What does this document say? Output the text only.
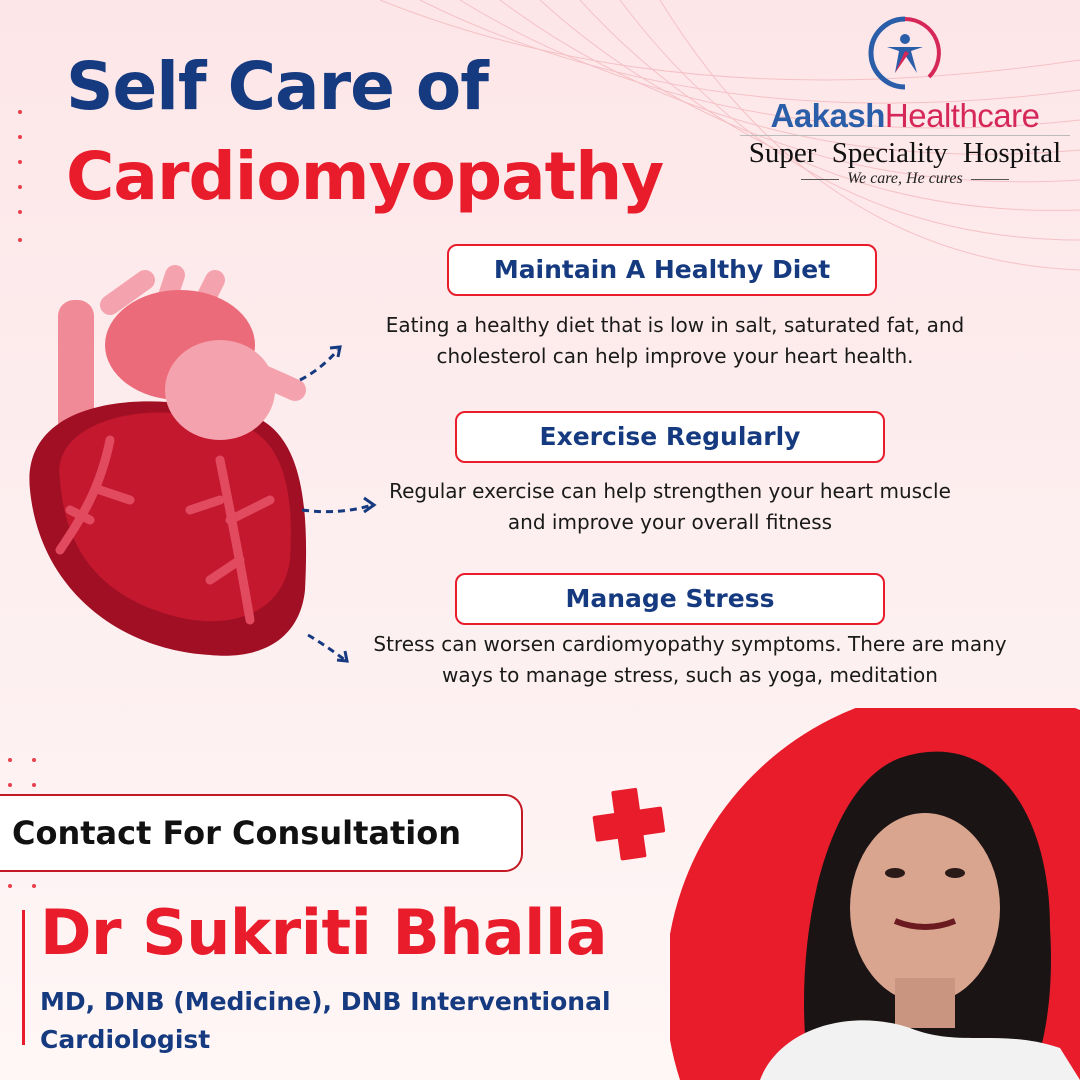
Self Care of
Cardiomyopathy
AakashHealthcare
Super Speciality Hospital
We care, He cures
Maintain A Healthy Diet
Eating a healthy diet that is low in salt, saturated fat, and cholesterol can help improve your heart health.
Exercise Regularly
Regular exercise can help strengthen your heart muscle and improve your overall fitness
Manage Stress
Stress can worsen cardiomyopathy symptoms. There are many ways to manage stress, such as yoga, meditation
Contact For Consultation
Dr Sukriti Bhalla
MD, DNB (Medicine), DNB Interventional
Cardiologist
